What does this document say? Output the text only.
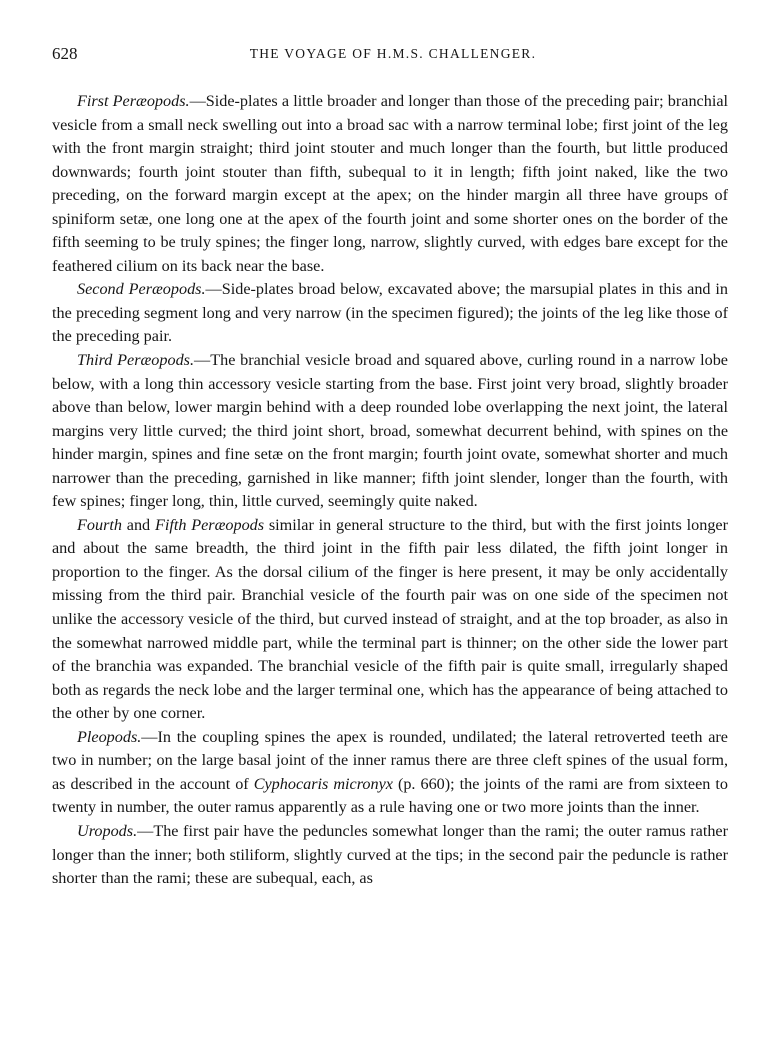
628	THE VOYAGE OF H.M.S. CHALLENGER.

First Peræopods.—Side-plates a little broader and longer than those of the preceding pair; branchial vesicle from a small neck swelling out into a broad sac with a narrow terminal lobe; first joint of the leg with the front margin straight; third joint stouter and much longer than the fourth, but little produced downwards; fourth joint stouter than fifth, subequal to it in length; fifth joint naked, like the two preceding, on the forward margin except at the apex; on the hinder margin all three have groups of spiniform setæ, one long one at the apex of the fourth joint and some shorter ones on the border of the fifth seeming to be truly spines; the finger long, narrow, slightly curved, with edges bare except for the feathered cilium on its back near the base.

Second Peræopods.—Side-plates broad below, excavated above; the marsupial plates in this and in the preceding segment long and very narrow (in the specimen figured); the joints of the leg like those of the preceding pair.

Third Peræopods.—The branchial vesicle broad and squared above, curling round in a narrow lobe below, with a long thin accessory vesicle starting from the base. First joint very broad, slightly broader above than below, lower margin behind with a deep rounded lobe overlapping the next joint, the lateral margins very little curved; the third joint short, broad, somewhat decurrent behind, with spines on the hinder margin, spines and fine setæ on the front margin; fourth joint ovate, somewhat shorter and much narrower than the preceding, garnished in like manner; fifth joint slender, longer than the fourth, with few spines; finger long, thin, little curved, seemingly quite naked.

Fourth and Fifth Peræopods similar in general structure to the third, but with the first joints longer and about the same breadth, the third joint in the fifth pair less dilated, the fifth joint longer in proportion to the finger. As the dorsal cilium of the finger is here present, it may be only accidentally missing from the third pair. Branchial vesicle of the fourth pair was on one side of the specimen not unlike the accessory vesicle of the third, but curved instead of straight, and at the top broader, as also in the somewhat narrowed middle part, while the terminal part is thinner; on the other side the lower part of the branchia was expanded. The branchial vesicle of the fifth pair is quite small, irregularly shaped both as regards the neck lobe and the larger terminal one, which has the appearance of being attached to the other by one corner.

Pleopods.—In the coupling spines the apex is rounded, undilated; the lateral retroverted teeth are two in number; on the large basal joint of the inner ramus there are three cleft spines of the usual form, as described in the account of Cyphocaris micronyx (p. 660); the joints of the rami are from sixteen to twenty in number, the outer ramus apparently as a rule having one or two more joints than the inner.

Uropods.—The first pair have the peduncles somewhat longer than the rami; the outer ramus rather longer than the inner; both stiliform, slightly curved at the tips; in the second pair the peduncle is rather shorter than the rami; these are subequal, each, as
